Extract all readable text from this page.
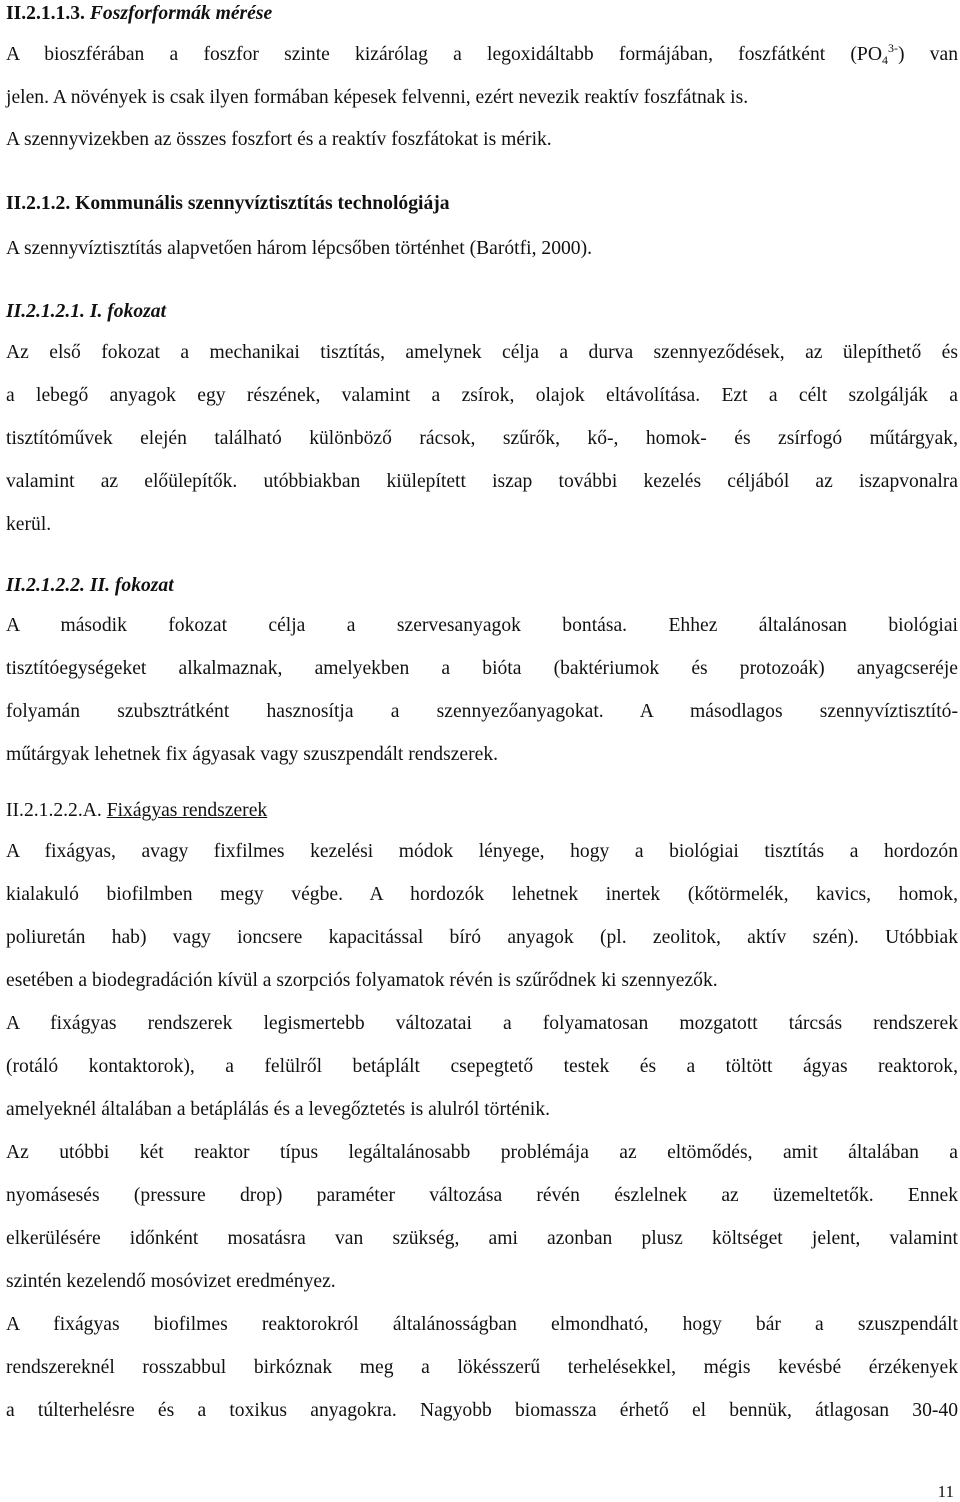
II.2.1.1.3. Foszforformák mérése
A bioszférában a foszfor szinte kizárólag a legoxidáltabb formájában, foszfátként $(PO_4^{3-})$ van
jelen. A növények is csak ilyen formában képesek felvenni, ezért nevezik reaktív foszfátnak is.
A szennyvizekben az összes foszfort és a reaktív foszfátokat is mérik.
II.2.1.2. Kommunális szennyvíztisztítás technológiája
A szennyvíztisztítás alapvetően három lépcsőben történhet (Barótfi, 2000).
II.2.1.2.1. I. fokozat
Az első fokozat a mechanikai tisztítás, amelynek célja a durva szennyeződések, az ülepíthető és
a lebegő anyagok egy részének, valamint a zsírok, olajok eltávolítása. Ezt a célt szolgálják a
tisztítóművek elején található különböző rácsok, szűrők, kő-, homok- és zsírfogó műtárgyak,
valamint az előülepítők. utóbbiakban kiülepített iszap további kezelés céljából az iszapvonalra
kerül.
II.2.1.2.2. II. fokozat
A második fokozat célja a szervesanyagok bontása. Ehhez általánosan biológiai
tisztítóegységeket alkalmaznak, amelyekben a bióta (baktériumok és protozoák) anyagcseréje
folyamán szubsztrátként hasznosítja a szennyezőanyagokat. A másodlagos szennyvíztisztító-
műtárgyak lehetnek fix ágyasak vagy szuszpendált rendszerek.
II.2.1.2.2.A. Fixágyas rendszerek
A fixágyas, avagy fixfilmes kezelési módok lényege, hogy a biológiai tisztítás a hordozón
kialakuló biofilmben megy végbe. A hordozók lehetnek inertek (kőtörmelék, kavics, homok,
poliuretán hab) vagy ioncsere kapacitással bíró anyagok (pl. zeolitok, aktív szén). Utóbbiak
esetében a biodegradáción kívül a szorpciós folyamatok révén is szűrődnek ki szennyezők.
A fixágyas rendszerek legismertebb változatai a folyamatosan mozgatott tárcsás rendszerek
(rotáló kontaktorok), a felülről betáplált csepegtető testek és a töltött ágyas reaktorok,
amelyeknél általában a betáplálás és a levegőztetés is alulról történik.
Az utóbbi két reaktor típus legáltalánosabb problémája az eltömődés, amit általában a
nyomásesés (pressure drop) paraméter változása révén észlelnek az üzemeltetők. Ennek
elkerülésére időnként mosatásra van szükség, ami azonban plusz költséget jelent, valamint
szintén kezelendő mosóvizet eredményez.
A fixágyas biofilmes reaktorokról általánosságban elmondható, hogy bár a szuszpendált
rendszereknél rosszabbul birkóznak meg a lökésszerű terhelésekkel, mégis kevésbé érzékenyek
a túlterhelésre és a toxikus anyagokra. Nagyobb biomassza érhető el bennük, átlagosan 30-40
11
